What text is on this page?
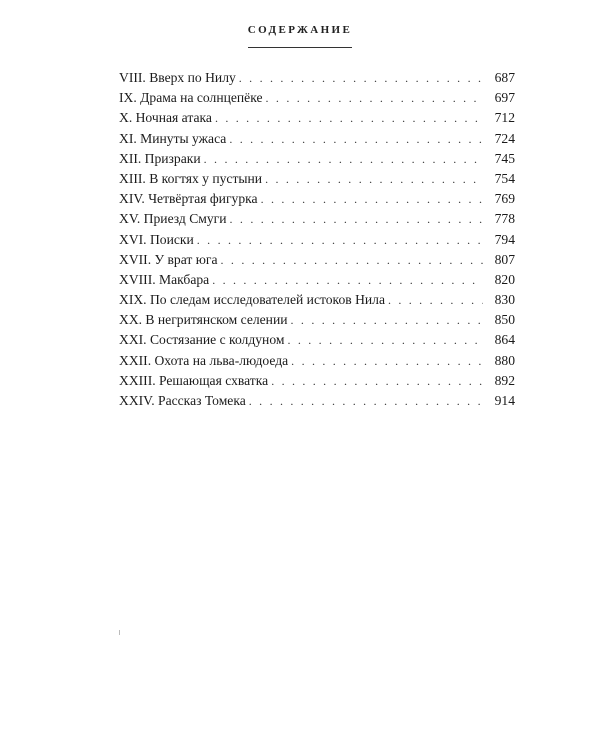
СОДЕРЖАНИЕ
VIII. Вверх по Нилу . . .	687
IX. Драма на солнцепёке . . .	697
X. Ночная атака . . .	712
XI. Минуты ужаса . . .	724
XII. Призраки . . .	745
XIII. В когтях у пустыни . . .	754
XIV. Четвёртая фигурка . . .	769
XV. Приезд Смуги . . .	778
XVI. Поиски . . .	794
XVII. У врат юга . . .	807
XVIII. Макбара . . .	820
XIX. По следам исследователей истоков Нила . . .	830
XX. В негритянском селении . . .	850
XXI. Состязание с колдуном . . .	864
XXII. Охота на льва-людоеда . . .	880
XXIII. Решающая схватка . . .	892
XXIV. Рассказ Томека . . .	914
